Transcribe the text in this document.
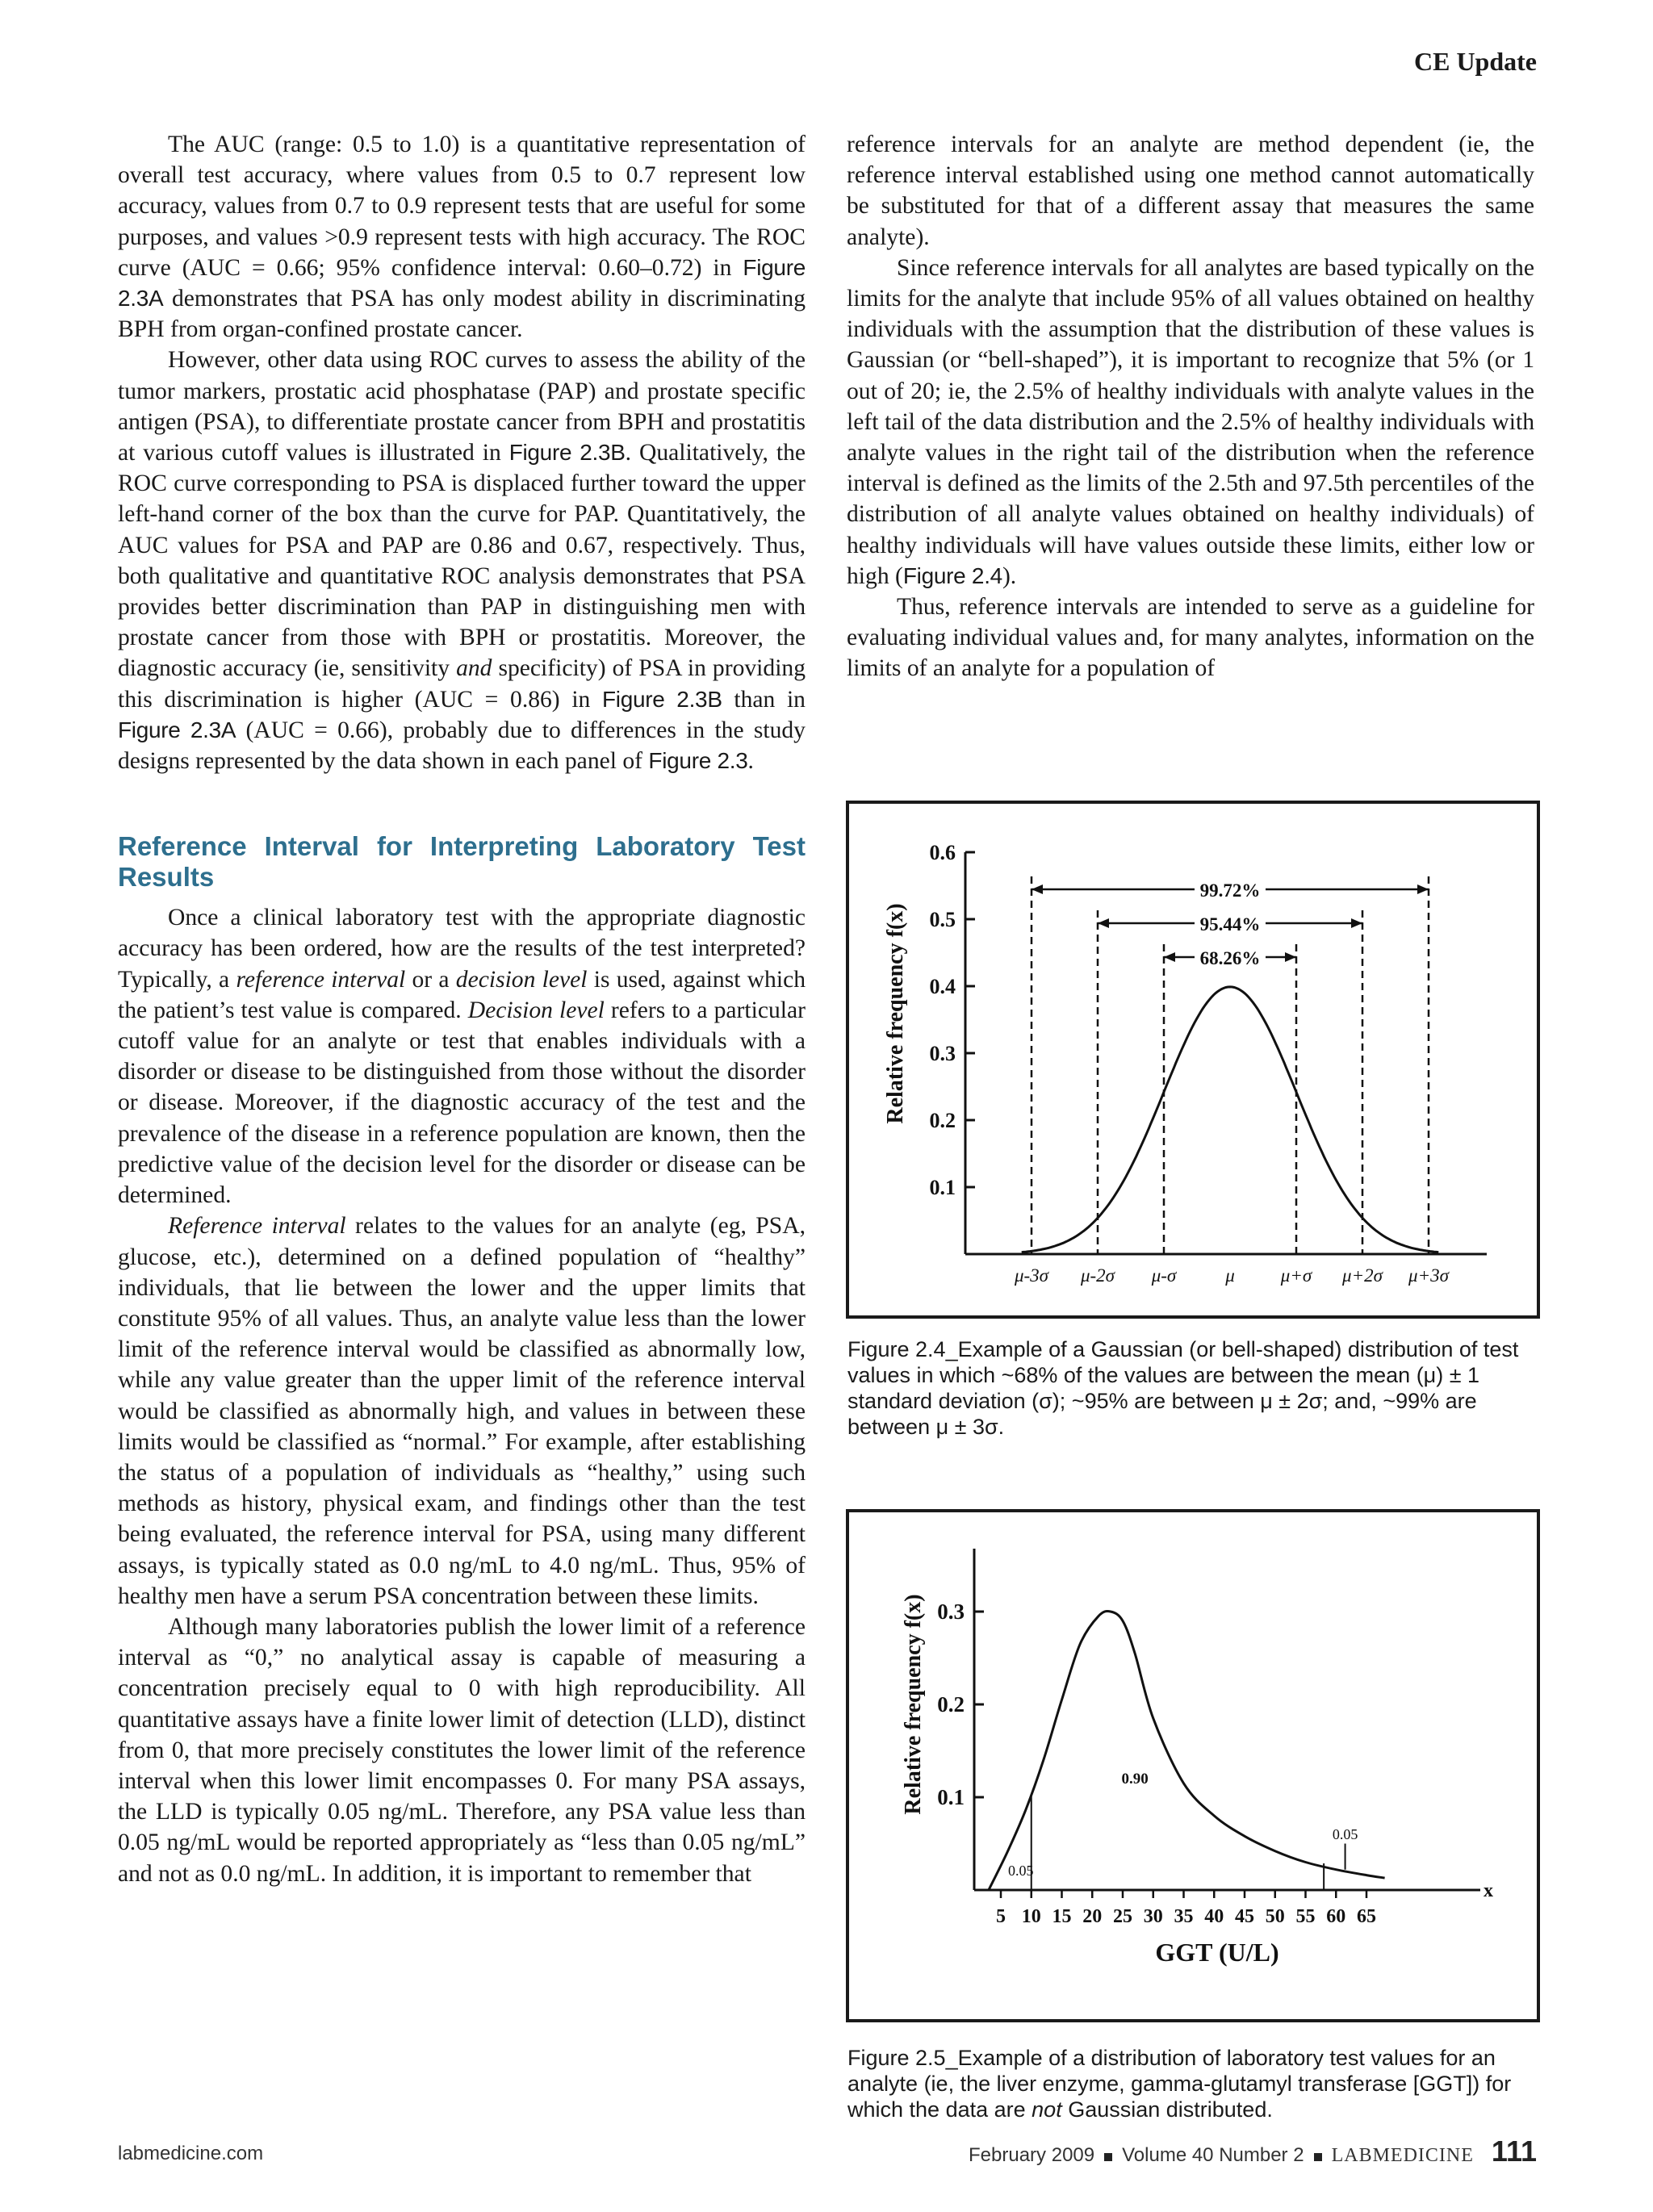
CE Update

The AUC (range: 0.5 to 1.0) is a quantitative representation of overall test accuracy, where values from 0.5 to 0.7 represent low accuracy, values from 0.7 to 0.9 represent tests that are useful for some purposes, and values >0.9 represent tests with high accuracy. The ROC curve (AUC = 0.66; 95% confidence interval: 0.60–0.72) in Figure 2.3A demonstrates that PSA has only modest ability in discriminating BPH from organ-confined prostate cancer.

However, other data using ROC curves to assess the ability of the tumor markers, prostatic acid phosphatase (PAP) and prostate specific antigen (PSA), to differentiate prostate cancer from BPH and prostatitis at various cutoff values is illustrated in Figure 2.3B. Qualitatively, the ROC curve corresponding to PSA is displaced further toward the upper left-hand corner of the box than the curve for PAP. Quantitatively, the AUC values for PSA and PAP are 0.86 and 0.67, respectively. Thus, both qualitative and quantitative ROC analysis demonstrates that PSA provides better discrimination than PAP in distinguishing men with prostate cancer from those with BPH or prostatitis. Moreover, the diagnostic accuracy (ie, sensitivity and specificity) of PSA in providing this discrimination is higher (AUC = 0.86) in Figure 2.3B than in Figure 2.3A (AUC = 0.66), probably due to differences in the study designs represented by the data shown in each panel of Figure 2.3.

Reference Interval for Interpreting Laboratory Test Results

Once a clinical laboratory test with the appropriate diagnostic accuracy has been ordered, how are the results of the test interpreted? Typically, a reference interval or a decision level is used, against which the patient’s test value is compared. Decision level refers to a particular cutoff value for an analyte or test that enables individuals with a disorder or disease to be distinguished from those without the disorder or disease. Moreover, if the diagnostic accuracy of the test and the prevalence of the disease in a reference population are known, then the predictive value of the decision level for the disorder or disease can be determined.

Reference interval relates to the values for an analyte (eg, PSA, glucose, etc.), determined on a defined population of “healthy” individuals, that lie between the lower and the upper limits that constitute 95% of all values. Thus, an analyte value less than the lower limit of the reference interval would be classified as abnormally low, while any value greater than the upper limit of the reference interval would be classified as abnormally high, and values in between these limits would be classified as “normal.” For example, after establishing the status of a population of individuals as “healthy,” using such methods as history, physical exam, and findings other than the test being evaluated, the reference interval for PSA, using many different assays, is typically stated as 0.0 ng/mL to 4.0 ng/mL. Thus, 95% of healthy men have a serum PSA concentration between these limits.

Although many laboratories publish the lower limit of a reference interval as “0,” no analytical assay is capable of measuring a concentration precisely equal to 0 with high reproducibility. All quantitative assays have a finite lower limit of detection (LLD), distinct from 0, that more precisely constitutes the lower limit of the reference interval when this lower limit encompasses 0. For many PSA assays, the LLD is typically 0.05 ng/mL. Therefore, any PSA value less than 0.05 ng/mL would be reported appropriately as “less than 0.05 ng/mL” and not as 0.0 ng/mL. In addition, it is important to remember that

reference intervals for an analyte are method dependent (ie, the reference interval established using one method cannot automatically be substituted for that of a different assay that measures the same analyte).

Since reference intervals for all analytes are based typically on the limits for the analyte that include 95% of all values obtained on healthy individuals with the assumption that the distribution of these values is Gaussian (or “bell-shaped”), it is important to recognize that 5% (or 1 out of 20; ie, the 2.5% of healthy individuals with analyte values in the left tail of the data distribution and the 2.5% of healthy individuals with analyte values in the right tail of the distribution when the reference interval is defined as the limits of the 2.5th and 97.5th percentiles of the distribution of all analyte values obtained on healthy individuals) of healthy individuals will have values outside these limits, either low or high (Figure 2.4).

Thus, reference intervals are intended to serve as a guideline for evaluating individual values and, for many analytes, information on the limits of an analyte for a population of

Relative frequency f(x)
0.6
0.5
0.4
0.3
0.2
0.1
μ-3σ μ-2σ μ-σ	μ μ+σ μ+2σ μ+3σ
99.72%
95.44%
68.26%
Figure 2.4_Example of a Gaussian (or bell-shaped) distribution of test values in which ~68% of the values are between the mean (μ) ± 1 standard deviation (σ); ~95% are between μ ± 2σ; and, ~99% are between μ ± 3σ.
Relative frequency f(x)
x
0.3
0.2
0.1
5 10 15 20 25 30 35 40 45 50 55 60 65
0.05
0.90
0.05
GGT (U/L)
Figure 2.5_Example of a distribution of laboratory test values for an analyte (ie, the liver enzyme, gamma-glutamyl transferase [GGT]) for which the data are not Gaussian distributed.
labmedicine.com	February 2009 Volume 40 Number 2 LABMEDICINE 111
